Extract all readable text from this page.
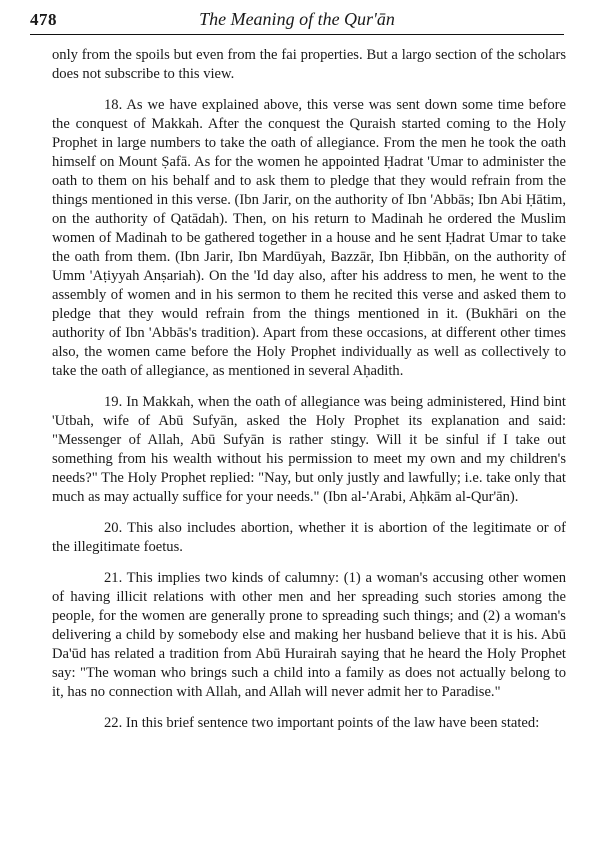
478	The Meaning of the Qur'ān

only from the spoils but even from the fai properties. But a largo section of the scholars does not subscribe to this view.

18. As we have explained above, this verse was sent down some time before the conquest of Makkah. After the conquest the Quraish started coming to the Holy Prophet in large numbers to take the oath of allegiance. From the men he took the oath himself on Mount Ṣafā. As for the women he appointed Ḥadrat 'Umar to administer the oath to them on his behalf and to ask them to pledge that they would refrain from the things mentioned in this verse. (Ibn Jarir, on the authority of Ibn 'Abbās; Ibn Abi Ḥātim, on the authority of Qatādah). Then, on his return to Madinah he ordered the Muslim women of Madinah to be gathered together in a house and he sent Ḥadrat Umar to take the oath from them. (Ibn Jarir, Ibn Mardūyah, Bazzār, Ibn Ḥibbān, on the authority of Umm 'Aṭiyyah Anṣariah). On the 'Id day also, after his address to men, he went to the assembly of women and in his sermon to them he recited this verse and asked them to pledge that they would refrain from the things mentioned in it. (Bukhāri on the authority of Ibn 'Abbās's tradition). Apart from these occasions, at different other times also, the women came before the Holy Prophet individually as well as collectively to take the oath of allegiance, as mentioned in several Aḥadith.

19. In Makkah, when the oath of allegiance was being administered, Hind bint 'Utbah, wife of Abū Sufyān, asked the Holy Prophet its explanation and said: "Messenger of Allah, Abū Sufyān is rather stingy. Will it be sinful if I take out something from his wealth without his permission to meet my own and my children's needs?" The Holy Prophet replied: "Nay, but only justly and lawfully; i.e. take only that much as may actually suffice for your needs." (Ibn al-'Arabi, Aḥkām al-Qur'ān).

20. This also includes abortion, whether it is abortion of the legitimate or of the illegitimate foetus.

21. This implies two kinds of calumny: (1) a woman's accusing other women of having illicit relations with other men and her spreading such stories among the people, for the women are generally prone to spreading such things; and (2) a woman's delivering a child by somebody else and making her husband believe that it is his. Abū Da'ūd has related a tradition from Abū Hurairah saying that he heard the Holy Prophet say: "The woman who brings such a child into a family as does not actually belong to it, has no connection with Allah, and Allah will never admit her to Paradise."

22. In this brief sentence two important points of the law have been stated:
